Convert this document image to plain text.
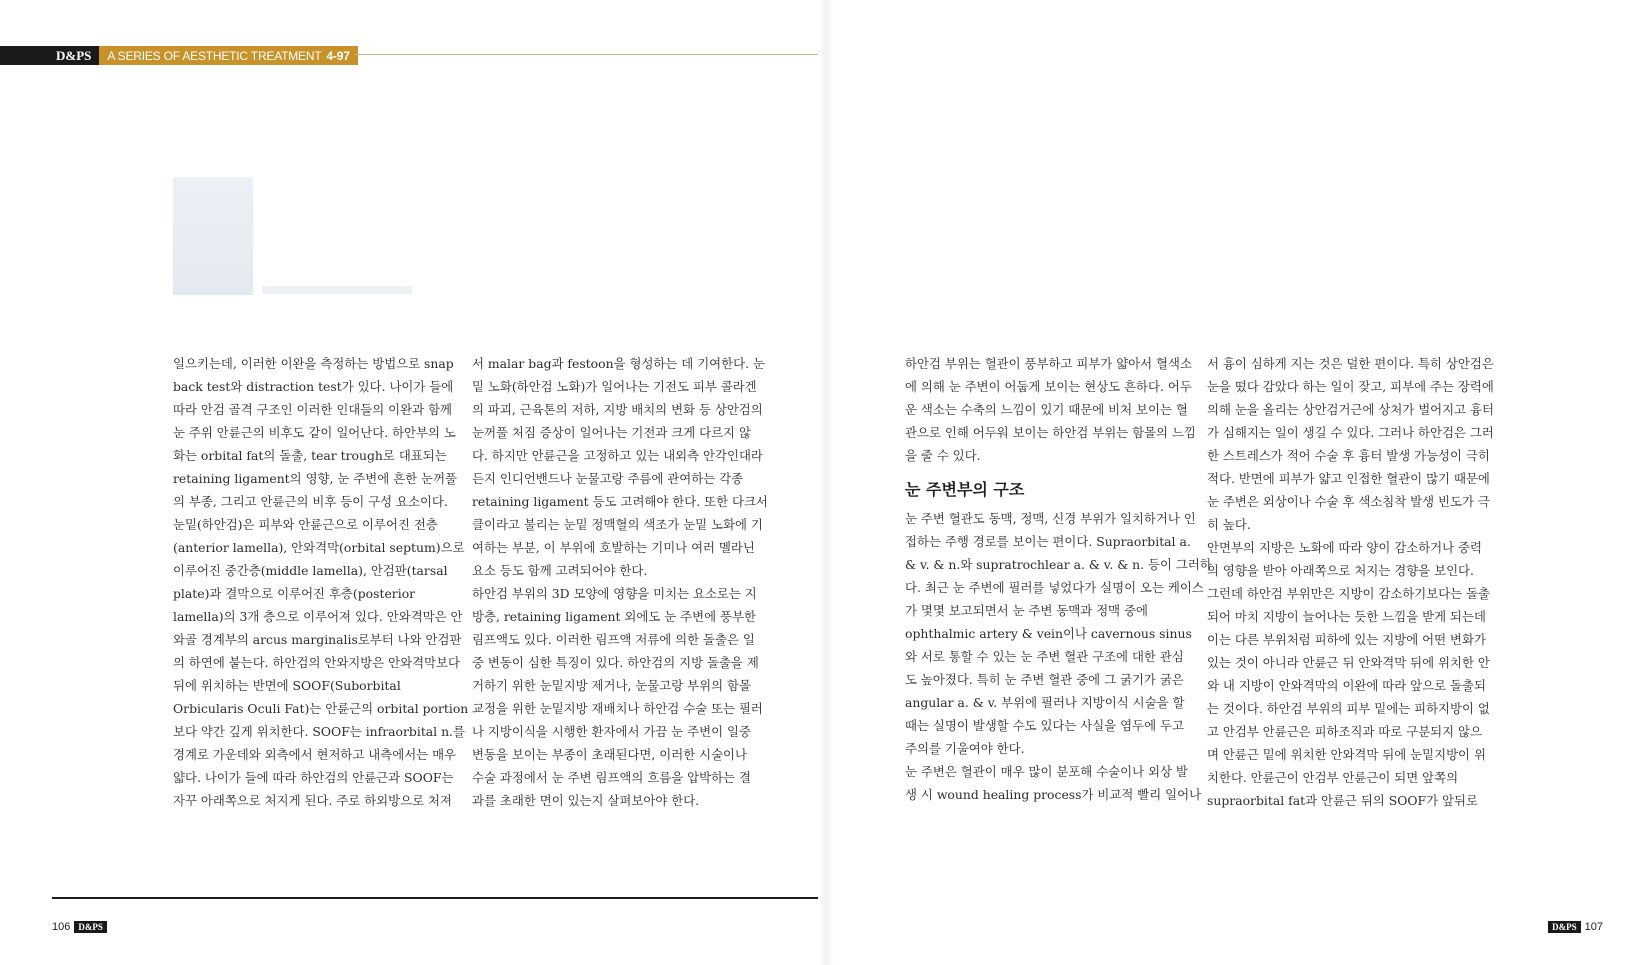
D&PS	A SERIES OF AESTHETIC TREATMENT 4-97

일으키는데, 이러한 이완을 측정하는 방법으로 snap

back test와 distraction test가 있다. 나이가 들에

따라 안검 골격 구조인 이러한 인대들의 이완과 함께

눈 주위 안륜근의 비후도 같이 일어난다. 하안부의 노

화는 orbital fat의 돌출, tear trough로 대표되는

retaining ligament의 영향, 눈 주변에 흔한 눈꺼풀

의 부종, 그리고 안륜근의 비후 등이 구성 요소이다.

눈밑(하안검)은 피부와 안륜근으로 이루어진 전층

(anterior lamella), 안와격막(orbital septum)으로

이루어진 중간층(middle lamella), 안검판(tarsal

plate)과 결막으로 이루어진 후층(posterior

lamella)의 3개 층으로 이루어져 있다. 안와격막은 안

와골 경계부의 arcus marginalis로부터 나와 안검판

의 하연에 붙는다. 하안검의 안와지방은 안와격막보다

뒤에 위치하는 반면에 SOOF(Suborbital

Orbicularis Oculi Fat)는 안륜근의 orbital portion

보다 약간 깊게 위치한다. SOOF는 infraorbital n.를

경계로 가운데와 외측에서 현저하고 내측에서는 매우

얇다. 나이가 들에 따라 하안검의 안륜근과 SOOF는

자꾸 아래쪽으로 처지게 된다. 주로 하외방으로 처져

서 malar bag과 festoon을 형성하는 데 기여한다. 눈

밑 노화(하안검 노화)가 일어나는 기전도 피부 콜라겐

의 파괴, 근육톤의 저하, 지방 배치의 변화 등 상안검의

눈꺼풀 처짐 증상이 일어나는 기전과 크게 다르지 않

다. 하지만 안륜근을 고정하고 있는 내외측 안각인대라

든지 인디언밴드나 눈물고랑 주름에 관여하는 각종

retaining ligament 등도 고려해야 한다. 또한 다크서

클이라고 불리는 눈밑 정맥혈의 색조가 눈밑 노화에 기

여하는 부분, 이 부위에 호발하는 기미나 여러 멜라닌

요소 등도 함께 고려되어야 한다.

하안검 부위의 3D 모양에 영향을 미치는 요소로는 지

방층, retaining ligament 외에도 눈 주변에 풍부한

림프액도 있다. 이러한 림프액 저류에 의한 돌출은 일

중 변동이 심한 특징이 있다. 하안검의 지방 돌출을 제

거하기 위한 눈밑지방 제거나, 눈물고랑 부위의 함몰

교정을 위한 눈밑지방 재배치나 하안검 수술 또는 필러

나 지방이식을 시행한 환자에서 가끔 눈 주변이 일중

변동을 보이는 부종이 초래된다면, 이러한 시술이나

수술 과정에서 눈 주변 림프액의 흐름을 압박하는 결

과를 초래한 면이 있는지 살펴보아야 한다.

106 D&PS

하안검 부위는 혈관이 풍부하고 피부가 얇아서 혈색소

에 의해 눈 주변이 어둡게 보이는 현상도 흔하다. 어두

운 색소는 수축의 느낌이 있기 때문에 비처 보이는 혈

관으로 인해 어두워 보이는 하안검 부위는 함몰의 느낌

을 줄 수 있다.

눈 주변부의 구조

눈 주변 혈관도 동맥, 정맥, 신경 부위가 일치하거나 인

접하는 주행 경로를 보이는 편이다. Supraorbital a.

& v. & n.와 supratrochlear a. & v. & n. 등이 그러하

다. 최근 눈 주변에 필러를 넣었다가 실명이 오는 케이스

가 몇몇 보고되면서 눈 주변 동맥과 정맥 중에

ophthalmic artery & vein이나 cavernous sinus

와 서로 통할 수 있는 눈 주변 혈관 구조에 대한 관심

도 높아졌다. 특히 눈 주변 혈관 중에 그 굵기가 굵은

angular a. & v. 부위에 필러나 지방이식 시술을 할

때는 실명이 발생할 수도 있다는 사실을 염두에 두고

주의를 기울여야 한다.

눈 주변은 혈관이 매우 많이 분포해 수술이나 외상 발

생 시 wound healing process가 비교적 빨리 일어나

서 흉이 심하게 지는 것은 덜한 편이다. 특히 상안검은

눈을 떴다 감았다 하는 일이 잦고, 피부에 주는 장력에

의해 눈을 올리는 상안검거근에 상처가 벌어지고 흉터

가 심해지는 일이 생길 수 있다. 그러나 하안검은 그러

한 스트레스가 적어 수술 후 흉터 발생 가능성이 극히

적다. 반면에 피부가 얇고 인접한 혈관이 많기 때문에

눈 주변은 외상이나 수술 후 색소침착 발생 빈도가 극

히 높다.

안면부의 지방은 노화에 따라 양이 감소하거나 중력

의 영향을 받아 아래쪽으로 처지는 경향을 보인다.

그런데 하안검 부위만은 지방이 감소하기보다는 돌출

되어 마치 지방이 늘어나는 듯한 느낌을 받게 되는데

이는 다른 부위처럼 피하에 있는 지방에 어떤 변화가

있는 것이 아니라 안륜근 뒤 안와격막 뒤에 위치한 안

와 내 지방이 안와격막의 이완에 따라 앞으로 돌출되

는 것이다. 하안검 부위의 피부 밑에는 피하지방이 없

고 안검부 안륜근은 피하조직과 따로 구분되지 않으

며 안륜근 밑에 위치한 안와격막 뒤에 눈밑지방이 위

치한다. 안륜근이 안검부 안륜근이 되면 앞쪽의

supraorbital fat과 안륜근 뒤의 SOOF가 앞뒤로

D&PS 107
